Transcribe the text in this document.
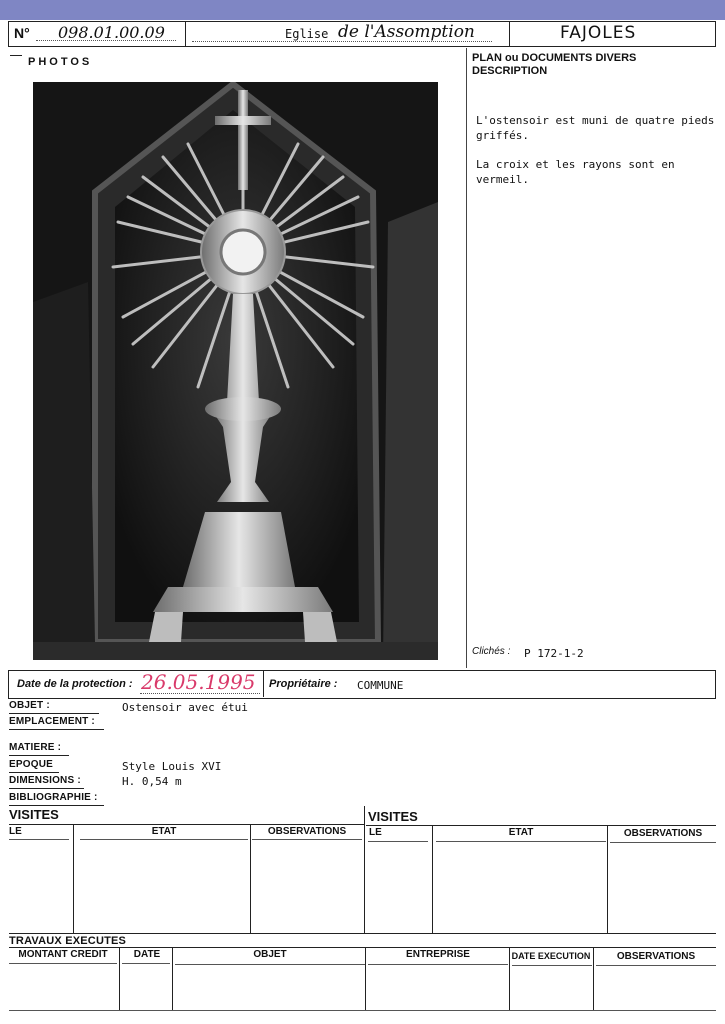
N° 098.01.00.09	Eglise de l'Assomption	FAJOLES
PHOTOS	PLAN ou DOCUMENTS DIVERS
DESCRIPTION

L'ostensoir est muni de quatre pieds griffés.

La croix et les rayons sont en vermeil.

Clichés : P 172-1-2
Date de la protection : 26.05.1995 Propriétaire : COMMUNE
OBJET :	Ostensoir avec étui
EMPLACEMENT :
MATIERE :
EPOQUE	Style Louis XVI
DIMENSIONS :	H. 0,54 m
BIBLIOGRAPHIE :
VISITES
LE	ETAT	OBSERVATIONS
VISITES
LE	ETAT	OBSERVATIONS
TRAVAUX EXECUTES
MONTANT CREDIT	DATE	OBJET	ENTREPRISE	DATE EXECUTION	OBSERVATIONS
